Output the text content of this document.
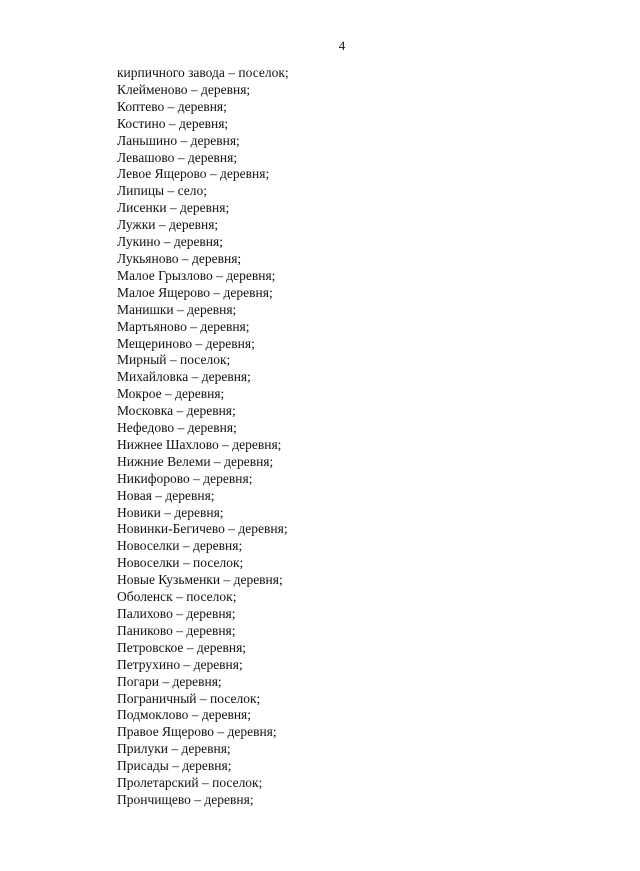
4
кирпичного завода – поселок;
Клейменово – деревня;
Коптево – деревня;
Костино – деревня;
Ланьшино – деревня;
Левашово – деревня;
Левое Ящерово – деревня;
Липицы – село;
Лисенки – деревня;
Лужки – деревня;
Лукино – деревня;
Лукьяново – деревня;
Малое Грызлово – деревня;
Малое Ящерово – деревня;
Манишки – деревня;
Мартьяново – деревня;
Мещериново – деревня;
Мирный – поселок;
Михайловка – деревня;
Мокрое – деревня;
Московка – деревня;
Нефедово – деревня;
Нижнее Шахлово – деревня;
Нижние Велеми – деревня;
Никифорово – деревня;
Новая – деревня;
Новики – деревня;
Новинки-Бегичево – деревня;
Новоселки – деревня;
Новоселки – поселок;
Новые Кузьменки – деревня;
Оболенск – поселок;
Палихово – деревня;
Паниково – деревня;
Петровское – деревня;
Петрухино – деревня;
Погари – деревня;
Пограничный – поселок;
Подмоклово – деревня;
Правое Ящерово – деревня;
Прилуки – деревня;
Присады – деревня;
Пролетарский – поселок;
Прончищево – деревня;
